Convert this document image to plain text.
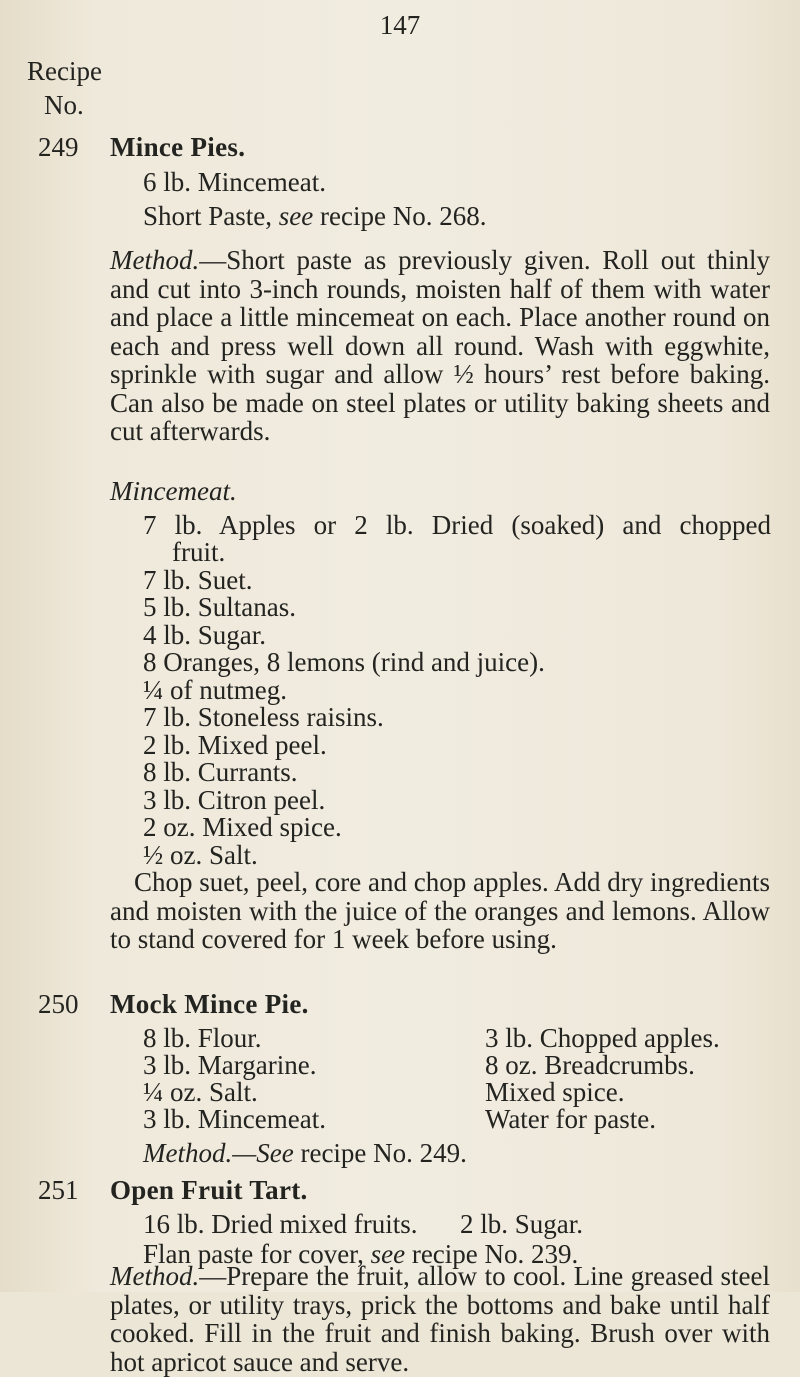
147
Recipe
No.
249 Mince Pies.
6 lb. Mincemeat.
Short Paste, see recipe No. 268.

Method.—Short paste as previously given. Roll out thinly and cut into 3-inch rounds, moisten half of them with water and place a little mincemeat on each. Place another round on each and press well down all round. Wash with eggwhite, sprinkle with sugar and allow ½ hours’ rest before baking. Can also be made on steel plates or utility baking sheets and cut afterwards.

Mincemeat.
7 lb. Apples or 2 lb. Dried (soaked) and chopped
fruit.
7 lb. Suet.
5 lb. Sultanas.
4 lb. Sugar.
8 Oranges, 8 lemons (rind and juice).
¼ of nutmeg.
7 lb. Stoneless raisins.
2 lb. Mixed peel.
8 lb. Currants.
3 lb. Citron peel.
2 oz. Mixed spice.
½ oz. Salt.

Chop suet, peel, core and chop apples. Add dry ingredients and moisten with the juice of the oranges and lemons. Allow to stand covered for 1 week before using.

250 Mock Mince Pie.
8 lb. Flour.
3 lb. Margarine.
¼ oz. Salt.
3 lb. Mincemeat.
3 lb. Chopped apples.
8 oz. Breadcrumbs.
Mixed spice.
Water for paste.
Method.—See recipe No. 249.
251 Open Fruit Tart.
16 lb. Dried mixed fruits. 2 lb. Sugar.
Flan paste for cover, see recipe No. 239.

Method.—Prepare the fruit, allow to cool. Line greased steel plates, or utility trays, prick the bottoms and bake until half cooked. Fill in the fruit and finish baking. Brush over with hot apricot sauce and serve.
